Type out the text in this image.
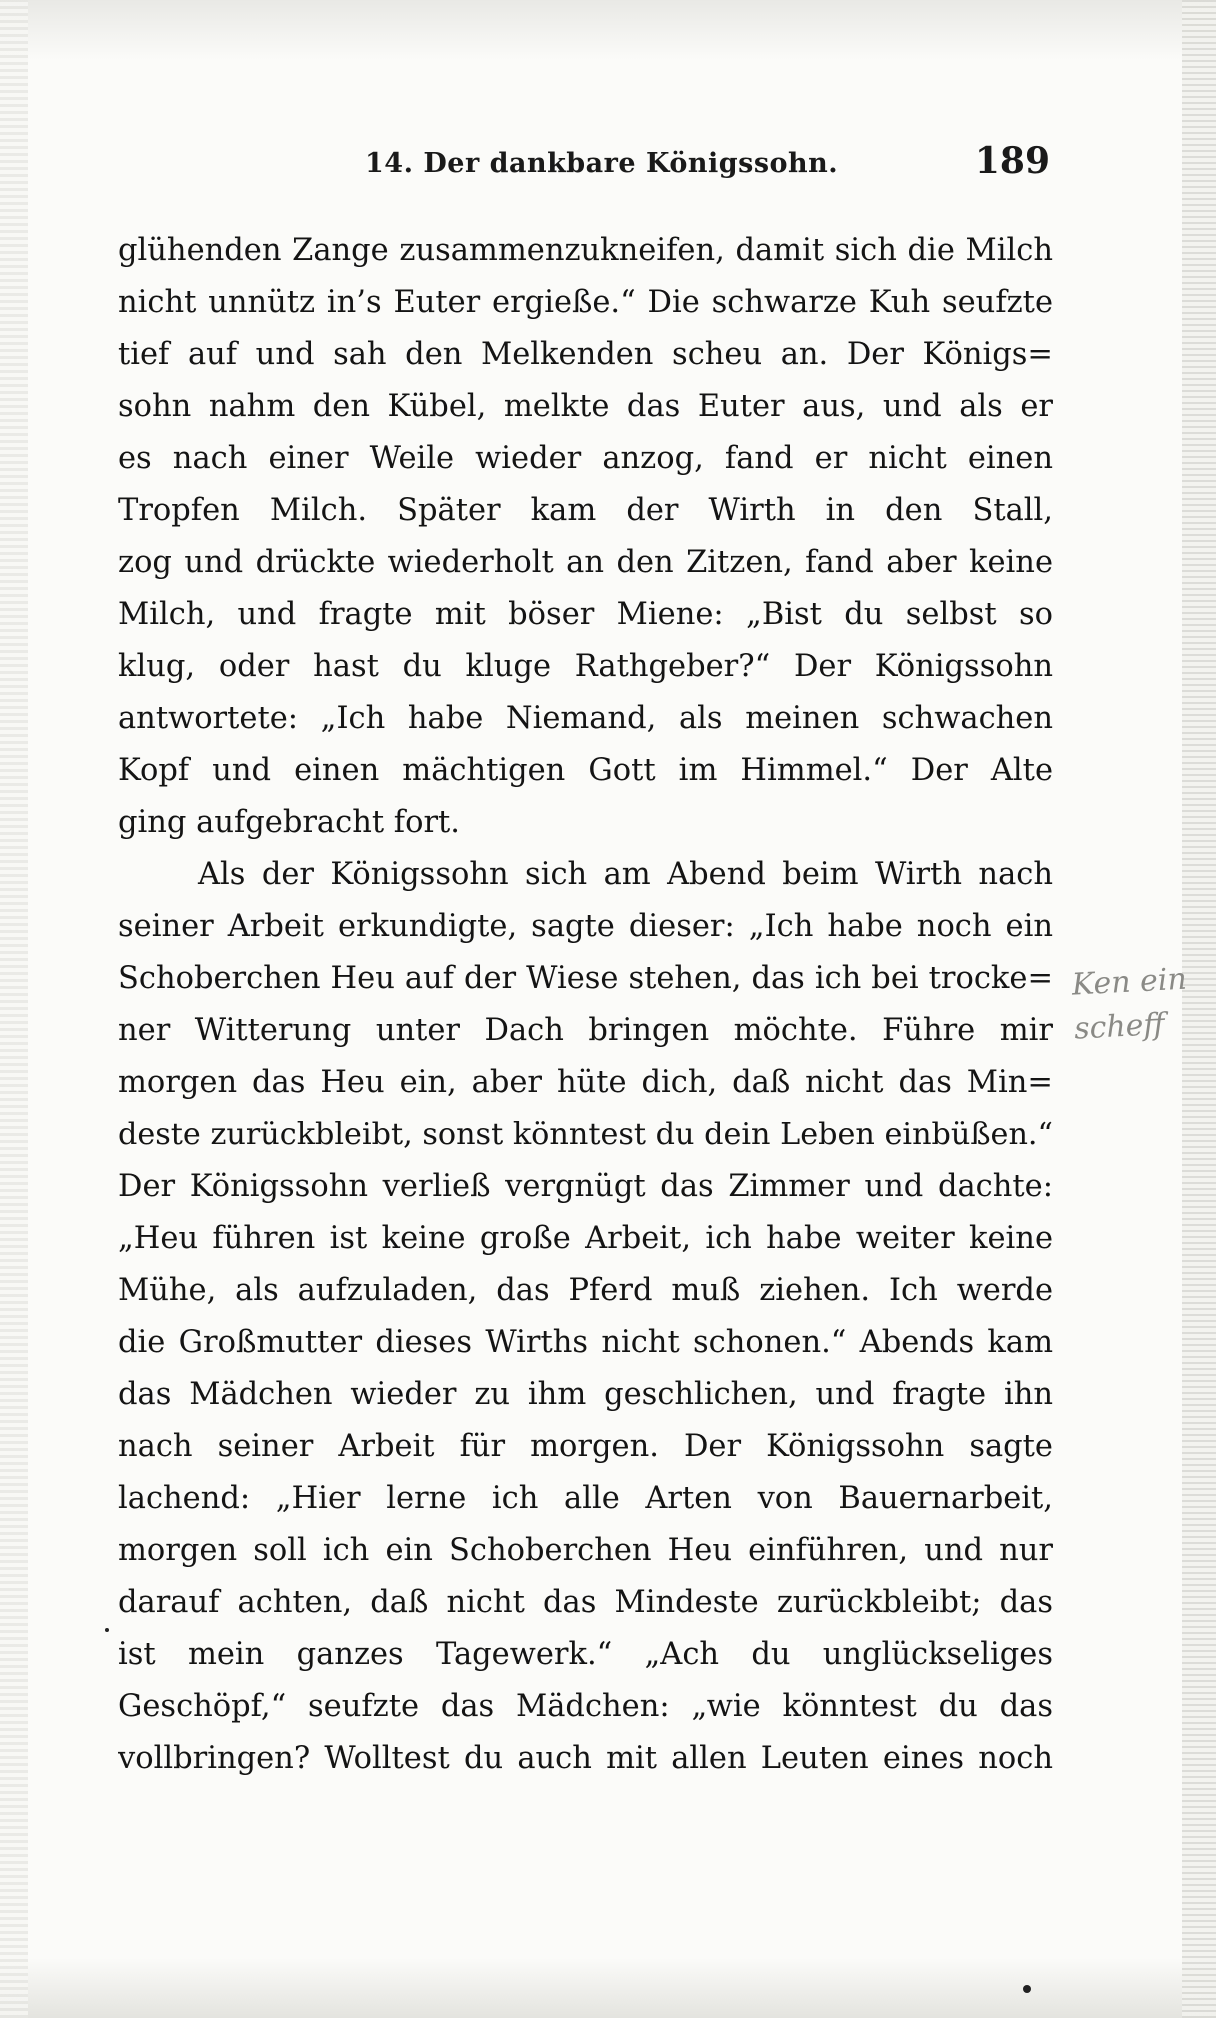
14. Der dankbare Königssohn.	189
glühenden Zange zusammenzukneifen, damit sich die Milch
nicht unnütz in’s Euter ergieße.“ Die schwarze Kuh seufzte
tief auf und sah den Melkenden scheu an. Der Königs=
sohn nahm den Kübel, melkte das Euter aus, und als er
es nach einer Weile wieder anzog, fand er nicht einen
Tropfen Milch. Später kam der Wirth in den Stall,
zog und drückte wiederholt an den Zitzen, fand aber keine
Milch, und fragte mit böser Miene: „Bist du selbst so
klug, oder hast du kluge Rathgeber?“ Der Königssohn
antwortete: „Ich habe Niemand, als meinen schwachen
Kopf und einen mächtigen Gott im Himmel.“ Der Alte
ging aufgebracht fort.
Als der Königssohn sich am Abend beim Wirth nach
seiner Arbeit erkundigte, sagte dieser: „Ich habe noch ein
Schoberchen Heu auf der Wiese stehen, das ich bei trocke=
ner Witterung unter Dach bringen möchte. Führe mir
morgen das Heu ein, aber hüte dich, daß nicht das Min=
deste zurückbleibt, sonst könntest du dein Leben einbüßen.“
Der Königssohn verließ vergnügt das Zimmer und dachte:
„Heu führen ist keine große Arbeit, ich habe weiter keine
Mühe, als aufzuladen, das Pferd muß ziehen. Ich werde
die Großmutter dieses Wirths nicht schonen.“ Abends kam
das Mädchen wieder zu ihm geschlichen, und fragte ihn
nach seiner Arbeit für morgen. Der Königssohn sagte
lachend: „Hier lerne ich alle Arten von Bauernarbeit,
morgen soll ich ein Schoberchen Heu einführen, und nur
darauf achten, daß nicht das Mindeste zurückbleibt; das
ist mein ganzes Tagewerk.“ „Ach du unglückseliges
Geschöpf,“ seufzte das Mädchen: „wie könntest du das
vollbringen? Wolltest du auch mit allen Leuten eines noch
Ken ein
scheff
